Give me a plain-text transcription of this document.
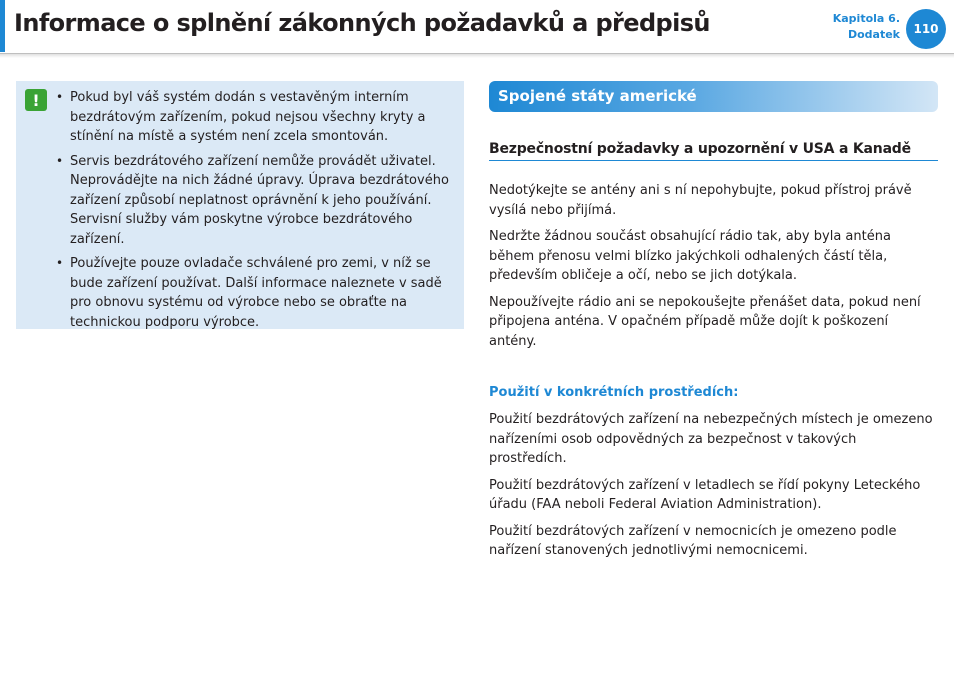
Informace o splnění zákonných požadavků a předpisů	Kapitola 6.
Dodatek	110
!	• Pokud byl váš systém dodán s vestavěným interním bezdrátovým zařízením, pokud nejsou všechny kryty a stínění na místě a systém není zcela smontován.
• Servis bezdrátového zařízení nemůže provádět uživatel. Neprovádějte na nich žádné úpravy. Úprava bezdrátového zařízení způsobí neplatnost oprávnění k jeho používání. Servisní služby vám poskytne výrobce bezdrátového zařízení.
• Používejte pouze ovladače schválené pro zemi, v níž se bude zařízení používat. Další informace naleznete v sadě pro obnovu systému od výrobce nebo se obraťte na technickou podporu výrobce.
Spojené státy americké
Bezpečnostní požadavky a upozornění v USA a Kanadě

Nedotýkejte se antény ani s ní nepohybujte, pokud přístroj právě vysílá nebo přijímá.

Nedržte žádnou součást obsahující rádio tak, aby byla anténa během přenosu velmi blízko jakýchkoli odhalených částí těla, především obličeje a očí, nebo se jich dotýkala.

Nepoužívejte rádio ani se nepokoušejte přenášet data, pokud není připojena anténa. V opačném případě může dojít k poškození antény.

Použití v konkrétních prostředích:

Použití bezdrátových zařízení na nebezpečných místech je omezeno nařízeními osob odpovědných za bezpečnost v takových prostředích.

Použití bezdrátových zařízení v letadlech se řídí pokyny Leteckého úřadu (FAA neboli Federal Aviation Administration).

Použití bezdrátových zařízení v nemocnicích je omezeno podle nařízení stanovených jednotlivými nemocnicemi.
